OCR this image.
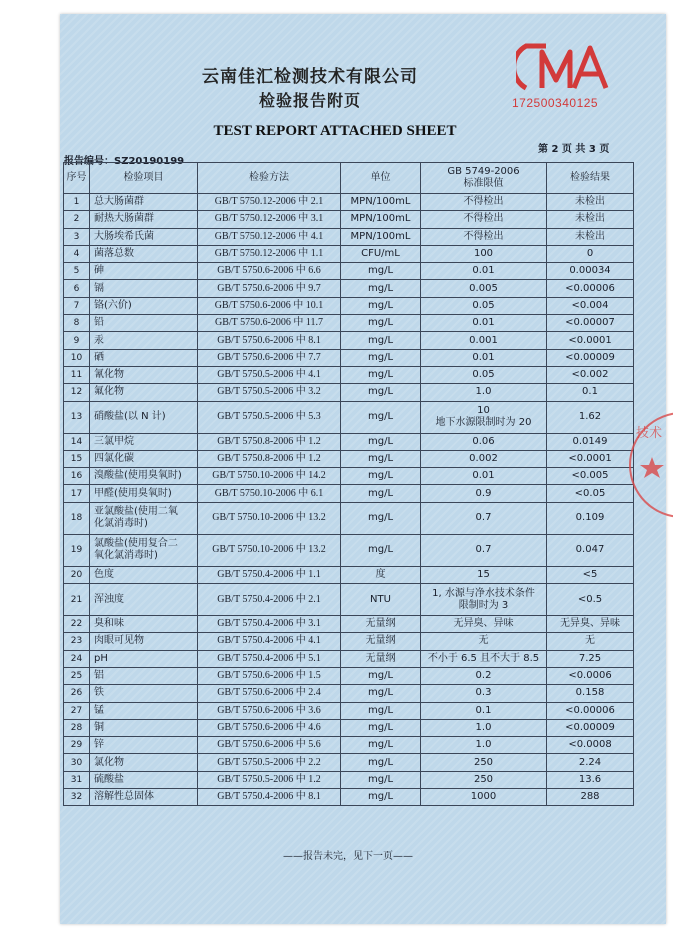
云南佳汇检测技术有限公司
检验报告附页
TEST REPORT ATTACHED SHEET
172500340125
报告编号：SZ20190199
第 2 页 共 3 页
序号	检验项目	检验方法	单位	GB 5749-2006
标准限值	检验结果
1	总大肠菌群	GB/T 5750.12-2006 中 2.1	MPN/100mL	不得检出	未检出
2	耐热大肠菌群	GB/T 5750.12-2006 中 3.1	MPN/100mL	不得检出	未检出
3	大肠埃希氏菌	GB/T 5750.12-2006 中 4.1	MPN/100mL	不得检出	未检出
4	菌落总数	GB/T 5750.12-2006 中 1.1	CFU/mL	100	0
5	砷	GB/T 5750.6-2006 中 6.6	mg/L	0.01	0.00034
6	镉	GB/T 5750.6-2006 中 9.7	mg/L	0.005	<0.00006
7	铬(六价)	GB/T 5750.6-2006 中 10.1	mg/L	0.05	<0.004
8	铅	GB/T 5750.6-2006 中 11.7	mg/L	0.01	<0.00007
9	汞	GB/T 5750.6-2006 中 8.1	mg/L	0.001	<0.0001
10	硒	GB/T 5750.6-2006 中 7.7	mg/L	0.01	<0.00009
11	氰化物	GB/T 5750.5-2006 中 4.1	mg/L	0.05	<0.002
12	氟化物	GB/T 5750.5-2006 中 3.2	mg/L	1.0	0.1
13	硝酸盐(以 N 计)	GB/T 5750.5-2006 中 5.3	mg/L	10
地下水源限制时为 20	1.62
14	三氯甲烷	GB/T 5750.8-2006 中 1.2	mg/L	0.06	0.0149
15	四氯化碳	GB/T 5750.8-2006 中 1.2	mg/L	0.002	<0.0001
16	溴酸盐(使用臭氧时)	GB/T 5750.10-2006 中 14.2	mg/L	0.01	<0.005
17	甲醛(使用臭氧时)	GB/T 5750.10-2006 中 6.1	mg/L	0.9	<0.05
18	亚氯酸盐(使用二氧
化氯消毒时)	GB/T 5750.10-2006 中 13.2	mg/L	0.7	0.109
19	氯酸盐(使用复合二
氧化氯消毒时)	GB/T 5750.10-2006 中 13.2	mg/L	0.7	0.047
20	色度	GB/T 5750.4-2006 中 1.1	度	15	<5
21	浑浊度	GB/T 5750.4-2006 中 2.1	NTU	1, 水源与净水技术条件
限制时为 3	<0.5
22	臭和味	GB/T 5750.4-2006 中 3.1	无量纲	无异臭、异味	无异臭、异味
23	肉眼可见物	GB/T 5750.4-2006 中 4.1	无量纲	无	无
24	pH	GB/T 5750.4-2006 中 5.1	无量纲	不小于 6.5 且不大于 8.5	7.25
25	铝	GB/T 5750.6-2006 中 1.5	mg/L	0.2	<0.0006
26	铁	GB/T 5750.6-2006 中 2.4	mg/L	0.3	0.158
27	锰	GB/T 5750.6-2006 中 3.6	mg/L	0.1	<0.00006
28	铜	GB/T 5750.6-2006 中 4.6	mg/L	1.0	<0.00009
29	锌	GB/T 5750.6-2006 中 5.6	mg/L	1.0	<0.0008
30	氯化物	GB/T 5750.5-2006 中 2.2	mg/L	250	2.24
31	硫酸盐	GB/T 5750.5-2006 中 1.2	mg/L	250	13.6
32	溶解性总固体	GB/T 5750.4-2006 中 8.1	mg/L	1000	288
——报告未完，见下一页——
技术
